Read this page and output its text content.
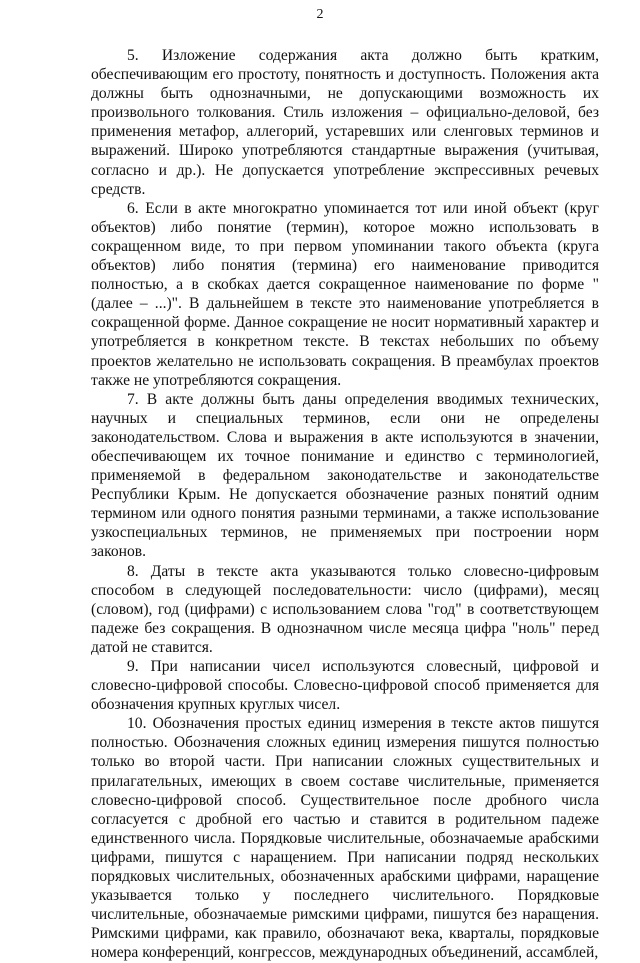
2

5. Изложение содержания акта должно быть кратким, обеспечивающим его простоту, понятность и доступность. Положения акта должны быть однозначными, не допускающими возможность их произвольного толкования. Стиль изложения – официально-деловой, без применения метафор, аллегорий, устаревших или сленговых терминов и выражений. Широко употребляются стандартные выражения (учитывая, согласно и др.). Не допускается употребление экспрессивных речевых средств.

6. Если в акте многократно упоминается тот или иной объект (круг объектов) либо понятие (термин), которое можно использовать в сокращенном виде, то при первом упоминании такого объекта (круга объектов) либо понятия (термина) его наименование приводится полностью, а в скобках дается сокращенное наименование по форме "(далее – ...)". В дальнейшем в тексте это наименование употребляется в сокращенной форме. Данное сокращение не носит нормативный характер и употребляется в конкретном тексте. В текстах небольших по объему проектов желательно не использовать сокращения. В преамбулах проектов также не употребляются сокращения.

7. В акте должны быть даны определения вводимых технических, научных и специальных терминов, если они не определены законодательством. Слова и выражения в акте используются в значении, обеспечивающем их точное понимание и единство с терминологией, применяемой в федеральном законодательстве и законодательстве Республики Крым. Не допускается обозначение разных понятий одним термином или одного понятия разными терминами, а также использование узкоспециальных терминов, не применяемых при построении норм законов.

8. Даты в тексте акта указываются только словесно-цифровым способом в следующей последовательности: число (цифрами), месяц (словом), год (цифрами) с использованием слова "год" в соответствующем падеже без сокращения. В однозначном числе месяца цифра "ноль" перед датой не ставится.

9. При написании чисел используются словесный, цифровой и словесно-цифровой способы. Словесно-цифровой способ применяется для обозначения крупных круглых чисел.

10. Обозначения простых единиц измерения в тексте актов пишутся полностью. Обозначения сложных единиц измерения пишутся полностью только во второй части. При написании сложных существительных и прилагательных, имеющих в своем составе числительные, применяется словесно-цифровой способ. Существительное после дробного числа согласуется с дробной его частью и ставится в родительном падеже единственного числа. Порядковые числительные, обозначаемые арабскими цифрами, пишутся с наращением. При написании подряд нескольких порядковых числительных, обозначенных арабскими цифрами, наращение указывается только у последнего числительного. Порядковые числительные, обозначаемые римскими цифрами, пишутся без наращения. Римскими цифрами, как правило, обозначают века, кварталы, порядковые номера конференций, конгрессов, международных объединений, ассамблей,
